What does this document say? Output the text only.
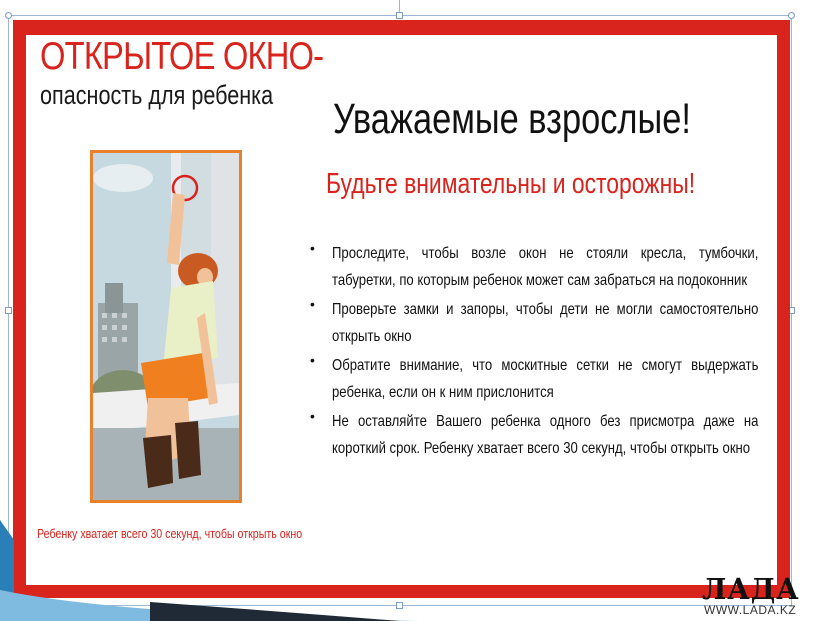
ОТКРЫТОЕ ОКНО-
опасность для ребенка
Ребенку хватает всего 30 секунд, чтобы открыть окно
Уважаемые взрослые!
Будьте внимательны и осторожны!
• Проследите, чтобы возле окон не стояли кресла, тумбочки, табуретки, по которым ребенок может сам забраться на подоконник
• Проверьте замки и запоры, чтобы дети не могли самостоятельно открыть окно
• Обратите внимание, что москитные сетки не смогут выдержать ребенка, если он к ним прислонится
• Не оставляйте Вашего ребенка одного без присмотра даже на короткий срок. Ребенку хватает всего 30 секунд, чтобы открыть окно
ЛАДА
WWW.LADA.KZ
